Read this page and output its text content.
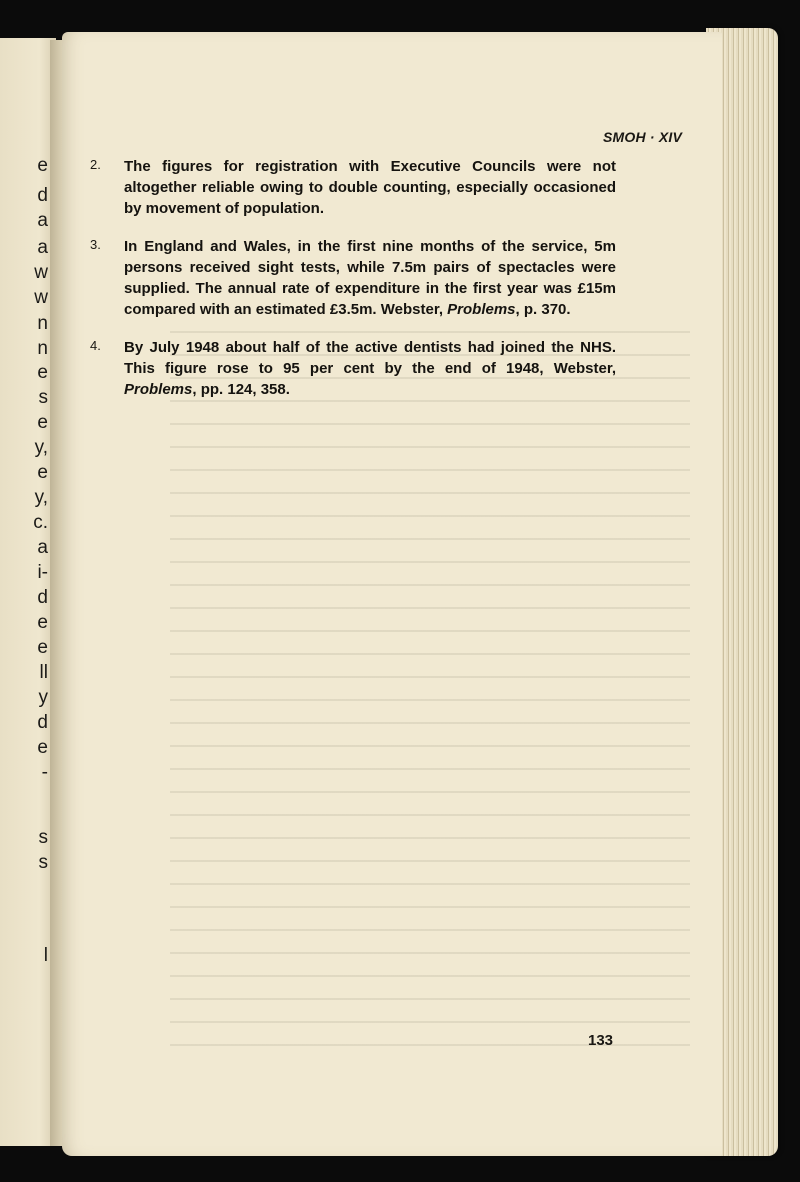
e
d
a
a
w
w
n
n
e
s
e
y,
e
y,
c.
a
i-
d
e
e
ll
y
d
e
-
s
s
l
SMOH · XIV
2. The figures for registration with Executive Councils were not altogether reliable owing to double counting, especially occasioned by movement of population.
3. In England and Wales, in the first nine months of the service, 5m persons received sight tests, while 7.5m pairs of spectacles were supplied. The annual rate of expenditure in the first year was £15m compared with an estimated £3.5m. Webster, Problems, p. 370.
4. By July 1948 about half of the active dentists had joined the NHS. This figure rose to 95 per cent by the end of 1948, Webster, Problems, pp. 124, 358.
133
